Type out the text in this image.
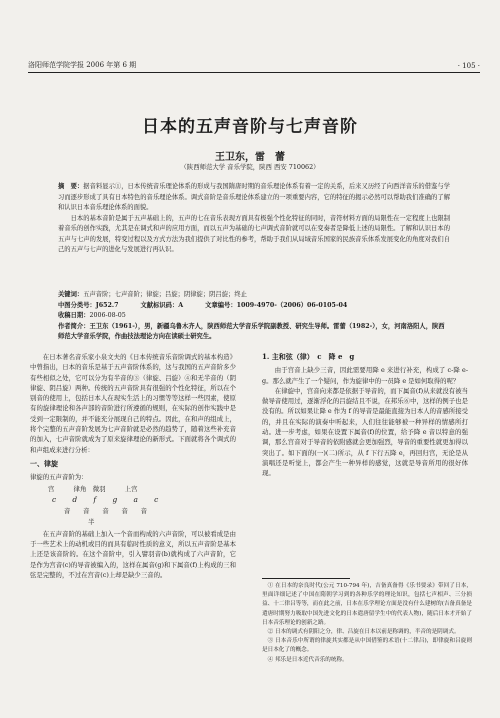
洛阳师范学院学报 2006 年第 6 期	· 105 ·
日本的五声音阶与七声音阶
王卫东，雷　蕾
（陕西师范大学 音乐学院，陕西 西安 710062）

摘　要：据音料显示①，日本传统音乐理论体系的形成与我国隋唐时期的音乐理论体系有着一定的关系，后来又历经了向西洋音乐的借鉴与学习而逐步形成了具有日本特色的音乐理论体系。调式音阶是音乐理论体系建立的一项重要内容，它的特征的揭示必然可以帮助我们准确的了解和认识日本音乐理论体系的面貌。

日本的基本音阶是属于五声基础上的，五声的七在音乐表现方面具有极强个性化特征的同时，音符材料方面的局限性在一定程度上也限制着音乐的创作实践，尤其是在调式和声的应用方面，而以五声为基础的七声调式音阶就可以在变奏者是降低上述的局限性。了解和认识日本的五声与七声的发展，特变过程以及方式方法为我们提供了对比性的参考，帮助于我们从局域音乐国家的民族音乐体系发展变化的角度对我们自己的五声与七声的进化与发展进行再认识。

关键词：五声音阶；七声音阶；律旋；吕旋；阴律旋；阴吕旋；终止
中图分类号：J652.7	文献标识码：A	文章编号：1009-4970-（2006）06-0105-04
收稿日期：2006-08-05
作者简介：王卫东（1961-），男，新疆乌鲁木齐人，陕西师范大学音乐学院副教授、研究生导师。雷蕾（1982-），女，河南洛阳人，陕西师范大学音乐学院，作曲技法理论方向在读硕士研究生。

在日本著名音乐家小泉文夫的《日本传统音乐音阶调式的基本构造》中曾指出，日本的音乐是基于五声音阶体系的，这与我国的五声音阶多少有些相似之处，它可以分为有半音的③（律旋、吕旋）④和无半音的（阴律旋、阴吕旋）两种。传统的五声音阶具有很强的个性化特征，所以在个别音的使用上，包括日本人在现实生活上的习惯等等这样一些因素，使原有的旋律理论和各声部的音阶进行所遵循的规则，在实际的创作实践中是受到一定限制的，并不能充分展现自己的特点。因此，在和声的组成上，将个完整的五声音阶发展为七声音阶就是必然的趋势了，随着这些补充音的加入，七声音阶就成为了原来旋律理论的新形式。下面就将各个调式的和声组成来进行分析：

一、律旋
律旋的五声音阶为：
宫　　　律角　微羽　　　上宫
c　　d　　f　　g　　a　　c
音　　音　　音　　音　　音
半

在五声音阶的基础上加入一个音而构成的六声音阶，可以被看成是由于一些艺术上的动机或目的而具有临时性质的意义，所以五声音阶是基本上还是该音阶的。在这个音阶中，引入譬羽音(b)就构成了六声音阶，它是作为宫音(c)的导音被编入的，这样在属音(g)和下属音(f)上构成的三和弦是完整的，不过在宫音(c)上却是缺少三音的。

1. 主和弦（律）　c　降 e　g

由于宫音上缺少三音，因此需要用降 e 来进行补充，构成了 c-降 e-g。那么就产生了一个疑问，作为旋律中的一员降 e 是如何取得的呢？

在律旋中，宫音向来都是依据于导音的，而下属音(f)从来就没有被当做导音使用过，逐渐浮化的吕旋结且不说，在邦乐⑥中，这样的例子也是没有的。所以如果让降 e 作为 f 的导音是最能直接为日本人的音感所接受的，并且在实际的演奏中听起来，人们往往能够被一种异样的情感所打动。进一步考虑，如果在设置下属音(f)的位置，给予降 e 音以特意的强调，那么宫音对于导音的依附感就会更加强烈，导音的重要性就更加得以突出了。如下面的(一)(二)所示，从 f 下行五降 e，再回归宫，无论是从演唱还是听觉上，都会产生一种异样的感觉，这就是导音所用的很好体现。

① 在日本的奈良时代(公元 710-794 年)，吉备真备得《乐书要录》带回了日本，里面详细记述了中国在隋朝学习到的各种乐学的理论知识，包括七声相声、三分损益、十二律吕等等，而在此之前，日本在乐学理论方面是没有什么建树的(吉备真备是遣唐时期努力吸取中国先进文化的日本遣唐留学生中的代表人物)，随后日本才开始了日本音乐理论的创新之路。

② 日本的调式有阴阳之分，律、吕旋在日本以前是称调的，半音的是阴调式。

③ 日本音乐中所谓的律旋其实都是从中国借鉴的术语(十二律吕)，即律旋和吕旋则是日本化了的概念。

④ 邦乐是日本近代音乐的统称。
